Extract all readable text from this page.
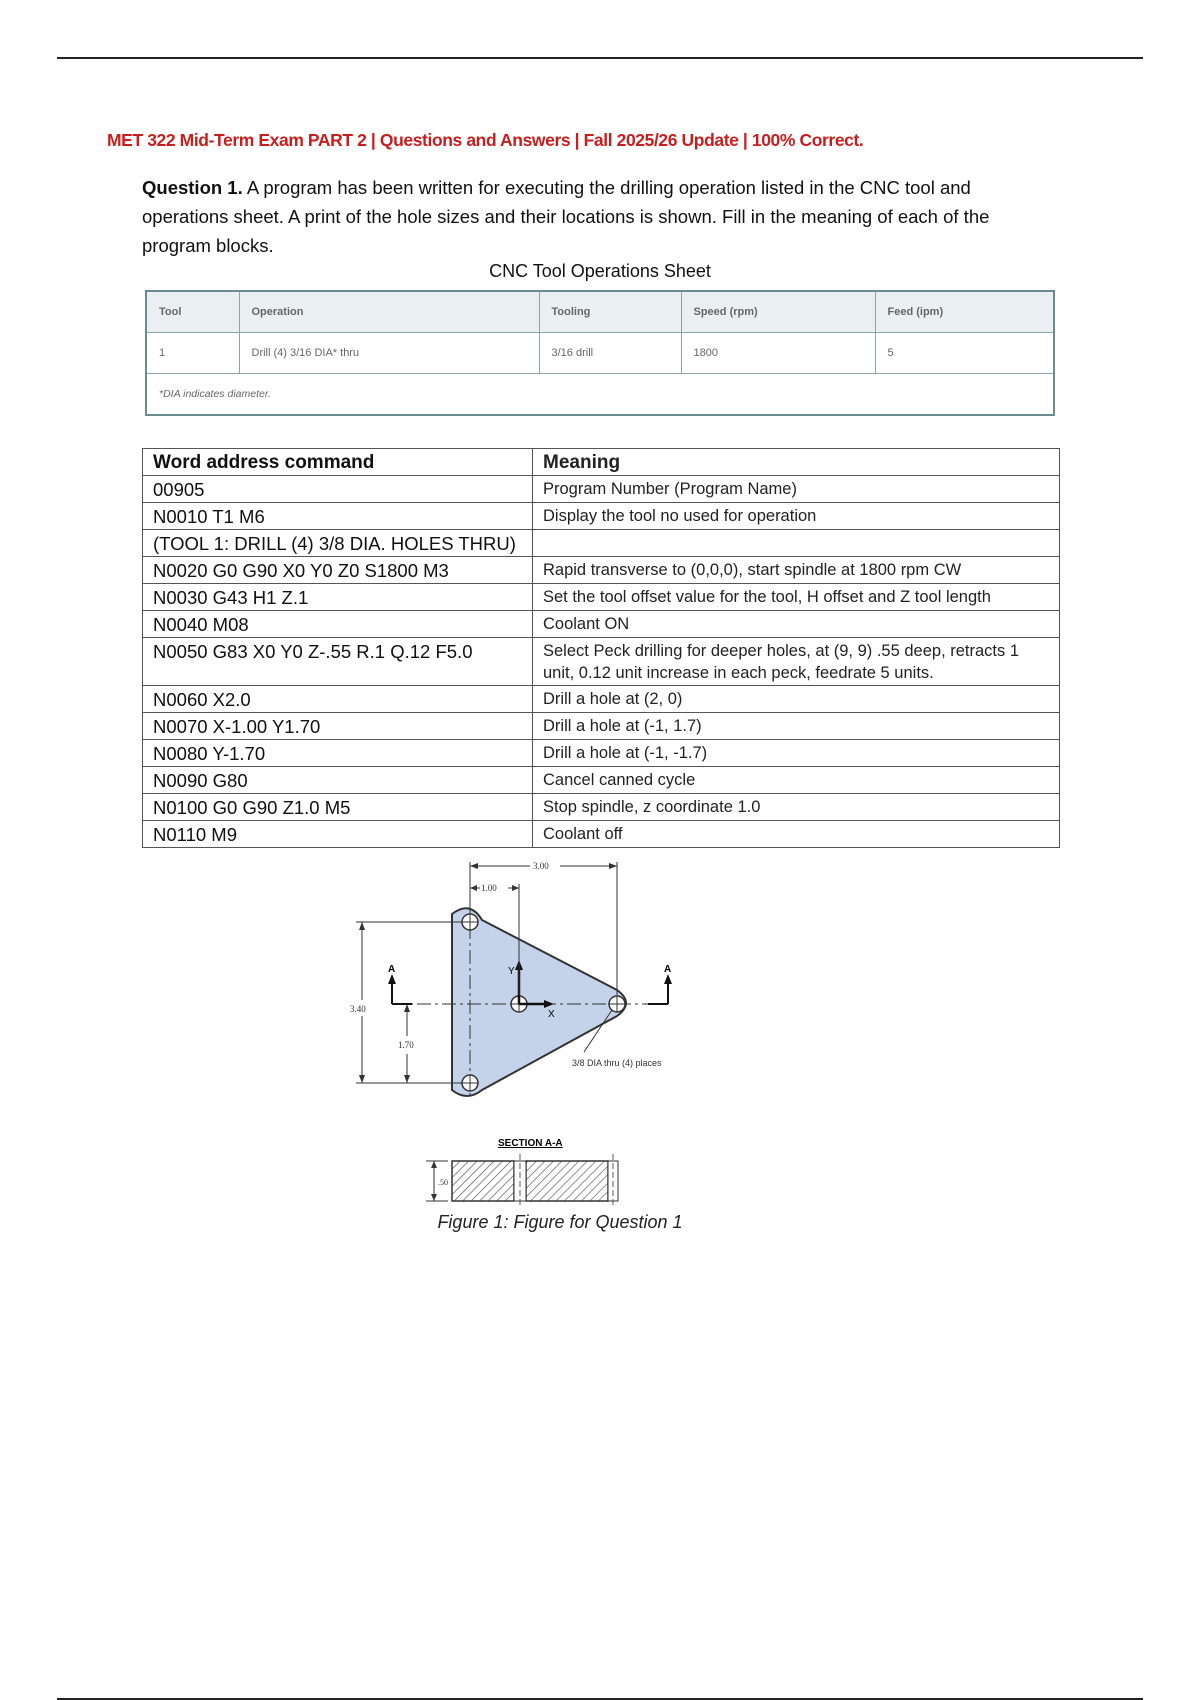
MET 322 Mid-Term Exam PART 2 | Questions and Answers | Fall 2025/26 Update | 100% Correct.
Question 1. A program has been written for executing the drilling operation listed in the CNC tool and operations sheet. A print of the hole sizes and their locations is shown. Fill in the meaning of each of the program blocks.
CNC Tool Operations Sheet
Tool	Operation	Tooling	Speed (rpm)	Feed (ipm)
1	Drill (4) 3/16 DIA* thru	3/16 drill	1800	5
*DIA indicates diameter.				
Word address command	Meaning
00905	Program Number (Program Name)
N0010 T1 M6	Display the tool no used for operation
(TOOL 1: DRILL (4) 3/8 DIA. HOLES THRU)	
N0020 G0 G90 X0 Y0 Z0 S1800 M3	Rapid transverse to (0,0,0), start spindle at 1800 rpm CW
N0030 G43 H1 Z.1	Set the tool offset value for the tool, H offset and Z tool length
N0040 M08	Coolant ON
N0050 G83 X0 Y0 Z-.55 R.1 Q.12 F5.0	Select Peck drilling for deeper holes, at (9, 9) .55 deep, retracts 1 unit, 0.12 unit increase in each peck, feedrate 5 units.
N0060 X2.0	Drill a hole at (2, 0)
N0070 X-1.00 Y1.70	Drill a hole at (-1, 1.7)
N0080 Y-1.70	Drill a hole at (-1, -1.7)
N0090 G80	Cancel canned cycle
N0100 G0 G90 Z1.0 M5	Stop spindle, z coordinate 1.0
N0110 M9	Coolant off
Y
X
3.00
1.00
3.40
1.70
A	A
3/8 DIA thru (4) places
SECTION A-A
.50
Figure 1: Figure for Question 1
